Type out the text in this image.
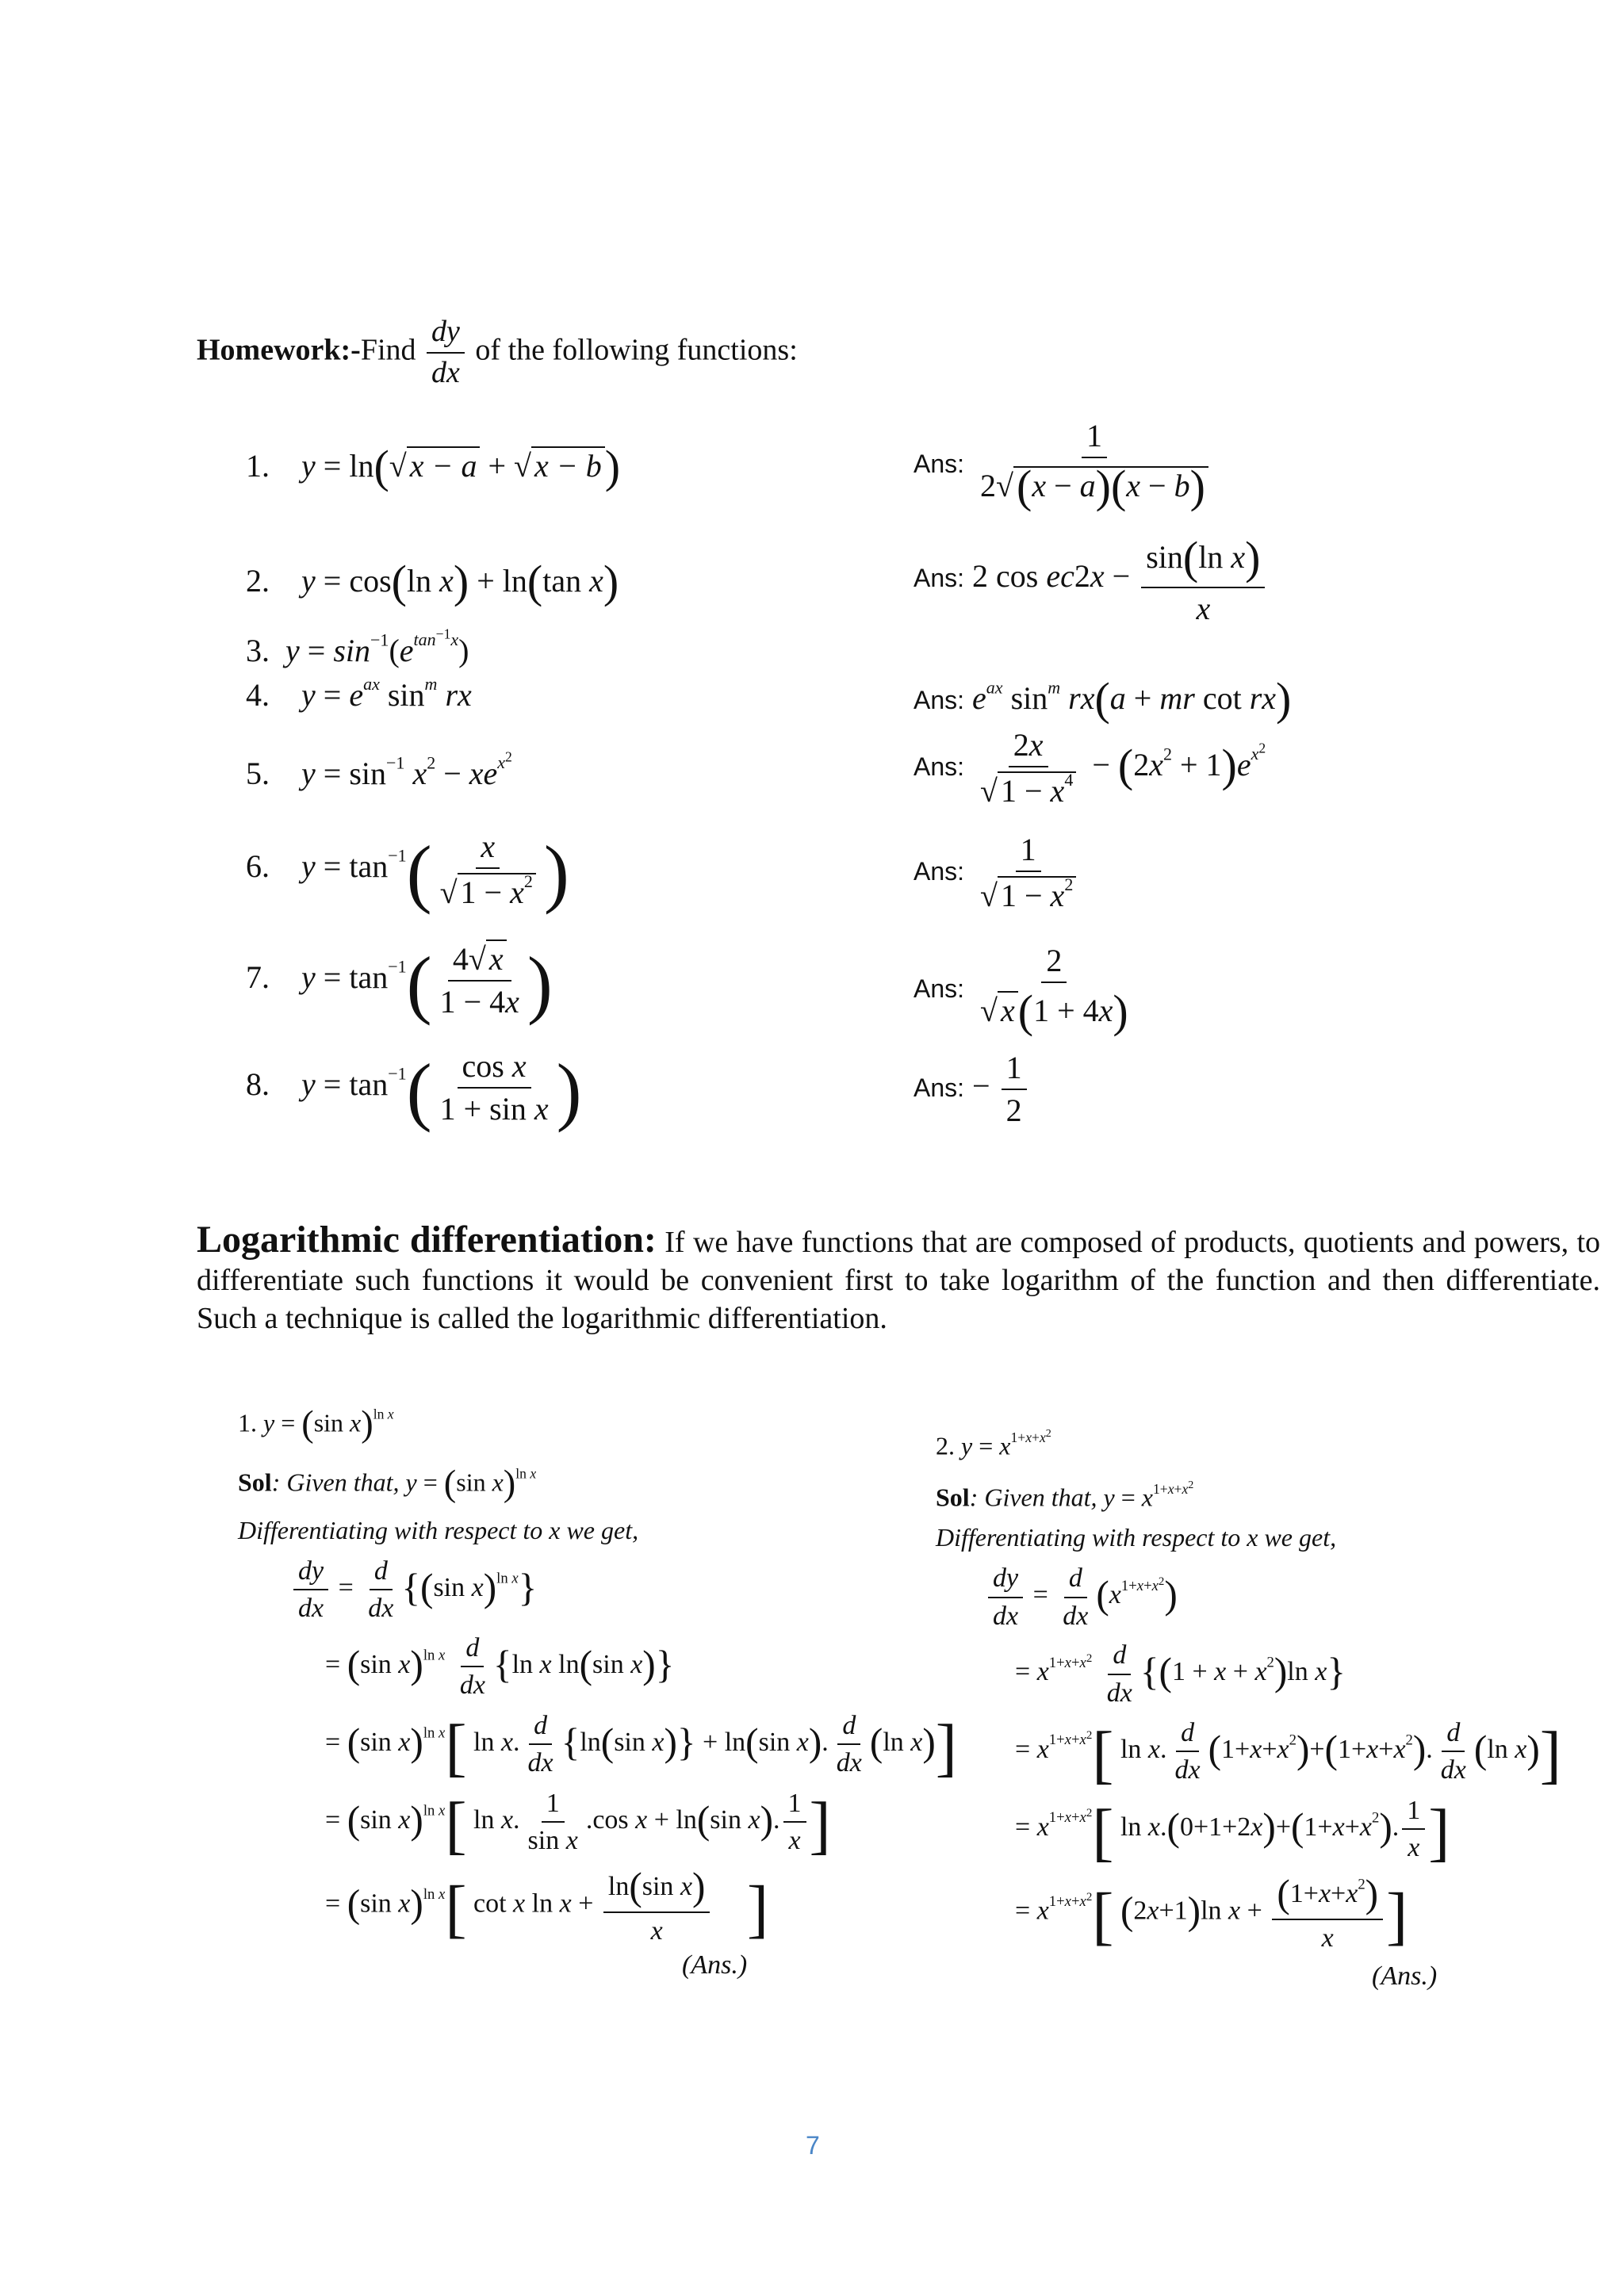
Homework:-Find $\frac{dy}{dx}$ of the following functions:
1. y = ln(√ x − a + √ x − b)	Ans: $\frac{1}{2√(x - a)(x - b)}$
2. y = cos(ln x) + ln(tan x)	Ans: 2 $\cos ec2x - \frac{\text{sin(ln x)}}{x}$
3. $y = \sin^{-1}(e^{tan^{-1}x})$
4. $y = e^{ax}$ $\sin^m$ rx	Ans: $e^{ax}$ $\sin^m rx(a$ + mr cot rx)
5. $y = \sin^{-1} x^2 - xe^{x^2}$	Ans: $\frac{2x}{√ 1 - x^4} - (2x^2 + 1)e^{x^2}$
6. $y = \tan^{-1}( \frac{x}{√ 1 - x^2}$ )	Ans: $\frac{1}{√ 1 - x^2}$
7. $y = \tan^{-1}( \frac{4√ x}{1 - 4x}$ )	Ans: $\frac{2}{√ x(1 + 4x)}$
8. $y = \tan^{-1}( \frac{\text{cos x}}{\text{1 + sin x}}$ )	Ans: − $\frac{1}{2}$
Logarithmic differentiation: If we have functions that are composed of products, quotients and powers, to differentiate such functions it would be convenient first to take logarithm of the function and then differentiate. Such a technique is called the logarithmic differentiation.
1. y = (sin x)$^{ln x}$
Sol: Given that, y = (sin x)$^{ln x}$
Differentiating with respect to x we get,
$\frac{dy}{dx} = \frac{d}{dx} \{(\sin$ x)$^{ln x}$}
= (sin $x)^{ln x} \frac{d}{dx} \{\ln$ x ln(sin x)}
= (sin x)$^{ln x}$[ ln x. $\frac{d}{dx} \{\ln(\sin$ x)} + ln(sin x). $\frac{d}{dx} (\ln$ x)]
= (sin x)$^{ln x}$[ ln x. $\frac{1}{\text{sin x}} .\cos$ x + ln(sin x). $\frac{1}{x}$ ]
= (sin x)$^{ln x}$[ cot x $\ln x + \frac{\text{ln(sin x)}}{x}$ ]
(Ans.)
2. $y = x^{1+x+x^2}$
Sol: Given that, $y = x^{1+x+x^2}$
Differentiating with respect to x we get,
$\frac{dy}{dx} = \frac{d}{dx} (x^{1+x+x^2})$
= $x^{1+x+x^2} \frac{d}{dx} \{(1 + x + x^2)\ln$ x}
= $x^{1+x+x^2}$[ ln x. $\frac{d}{dx} (1+x+x^2)+(1+x+x^2)$. $\frac{d}{dx} (\ln$ x)]
= $x^{1+x+x^2}$[ $\ln x.(0+1+2x)+(1+x+x^2)$. $\frac{1}{x}$ ]
= $x^{1+x+x^2}$[ (2x+1)ln $x + \frac{(1+x+x^2)}{x}$ ]
(Ans.)
7
